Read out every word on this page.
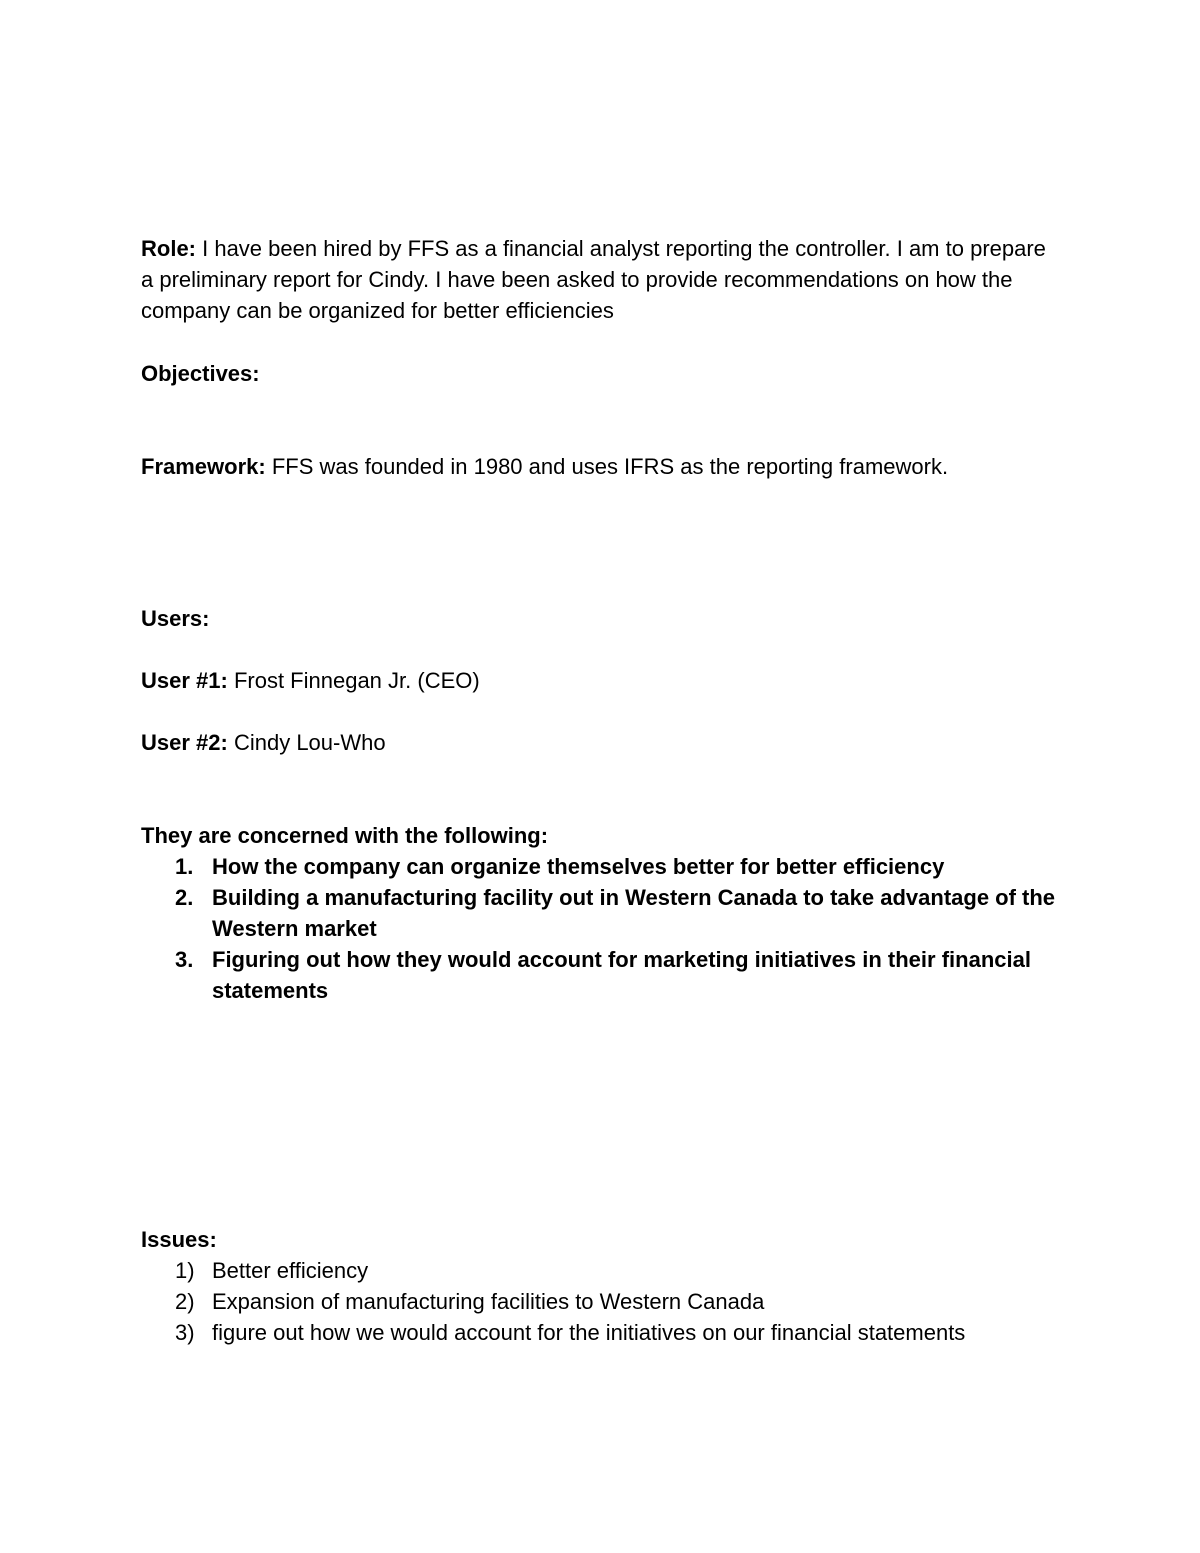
Role: I have been hired by FFS as a financial analyst reporting the controller. I am to prepare a preliminary report for Cindy. I have been asked to provide recommendations on how the company can be organized for better efficiencies

Objectives:

Framework: FFS was founded in 1980 and uses IFRS as the reporting framework.

Users:

User #1: Frost Finnegan Jr. (CEO)

User #2: Cindy Lou-Who

They are concerned with the following:
1. How the company can organize themselves better for better efficiency
2. Building a manufacturing facility out in Western Canada to take advantage of the Western market
3. Figuring out how they would account for marketing initiatives in their financial statements
Issues:
1) Better efficiency
2) Expansion of manufacturing facilities to Western Canada
3) figure out how we would account for the initiatives on our financial statements
